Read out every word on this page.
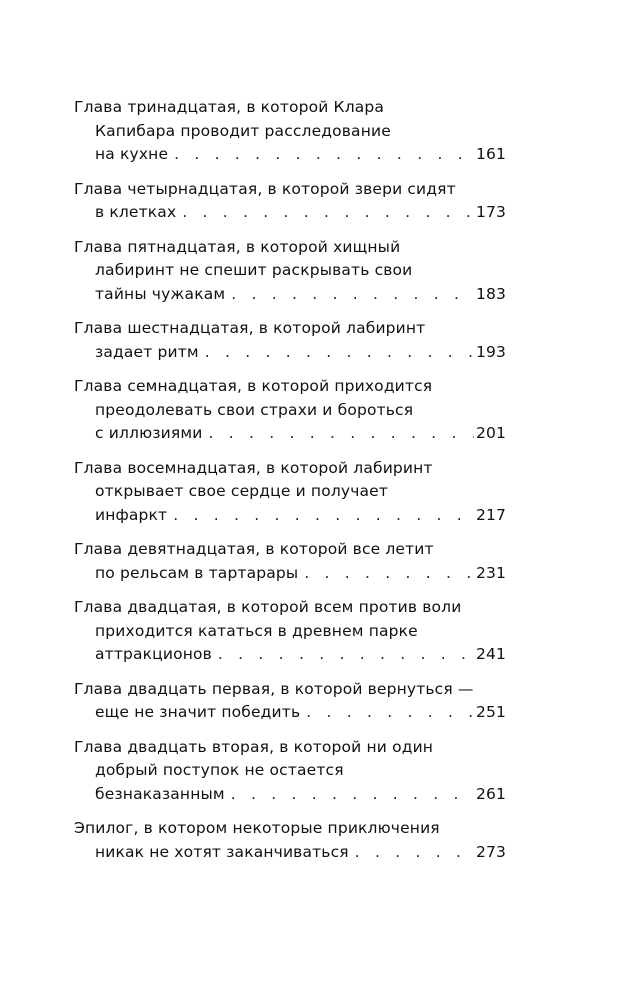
Глава тринадцатая, в которой Клара
Капибара проводит расследование
на кухне . . .	161
Глава четырнадцатая, в которой звери сидят
в клетках . . .	173
Глава пятнадцатая, в которой хищный
лабиринт не спешит раскрывать свои
тайны чужакам . . .	183
Глава шестнадцатая, в которой лабиринт
задает ритм . . .	193
Глава семнадцатая, в которой приходится
преодолевать свои страхи и бороться
с иллюзиями . . .	201
Глава восемнадцатая, в которой лабиринт
открывает свое сердце и получает
инфаркт . . .	217
Глава девятнадцатая, в которой все летит
по рельсам в тартарары . . .	231
Глава двадцатая, в которой всем против воли
приходится кататься в древнем парке
аттракционов . . .	241
Глава двадцать первая, в которой вернуться —
еще не значит победить . . .	251
Глава двадцать вторая, в которой ни один
добрый поступок не остается
безнаказанным . . .	261
Эпилог, в котором некоторые приключения
никак не хотят заканчиваться . . .	273
